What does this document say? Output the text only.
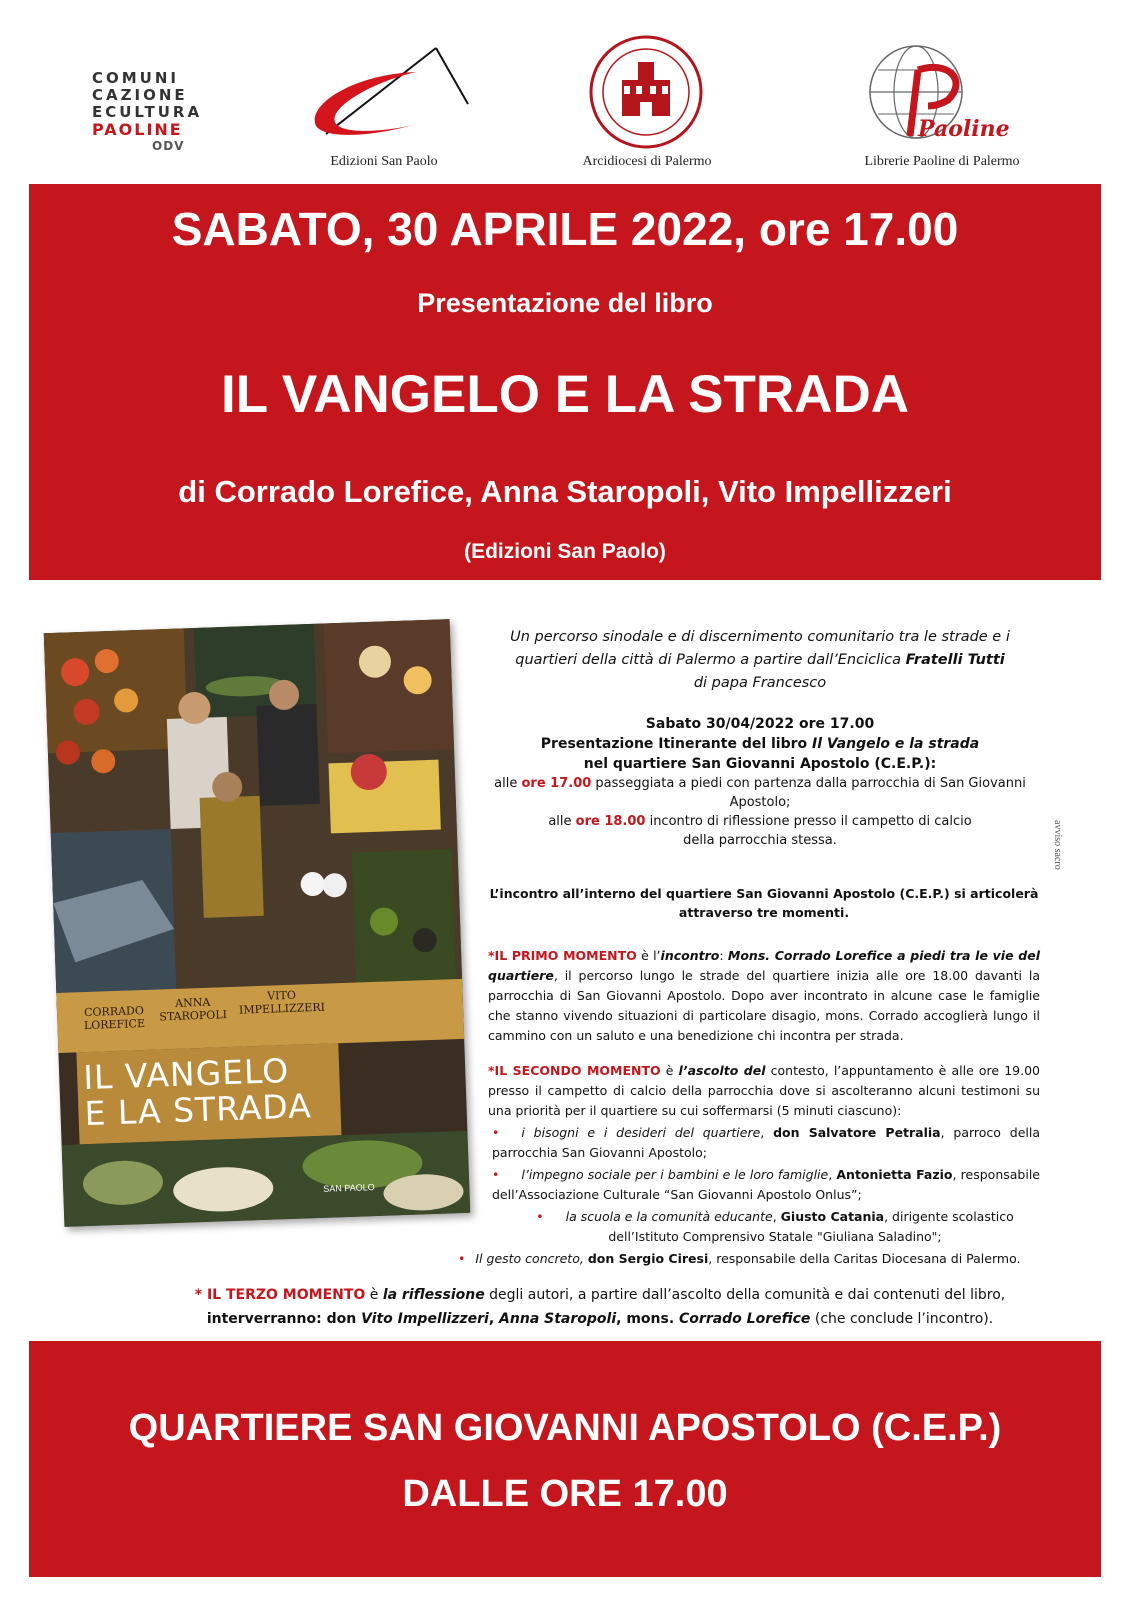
COMUNI
CAZIONE
ECULTURA
PAOLINE
ODV
Edizioni San Paolo	Arcidiocesi di Palermo
Paoline
Librerie Paoline di Palermo
SABATO, 30 APRILE 2022, ore 17.00
Presentazione del libro
IL VANGELO E LA STRADA
di Corrado Lorefice, Anna Staropoli, Vito Impellizzeri
(Edizioni San Paolo)
CORRADO
LOREFICE
ANNA
STAROPOLI
VITO
IMPELLIZZERI
IL VANGELO
E LA STRADA
SAN PAOLO
Un percorso sinodale e di discernimento comunitario tra le strade e i
quartieri della città di Palermo a partire dall’Enciclica Fratelli Tutti
di papa Francesco
Sabato 30/04/2022 ore 17.00
Presentazione Itinerante del libro Il Vangelo e la strada
nel quartiere San Giovanni Apostolo (C.E.P.):
alle ore 17.00 passeggiata a piedi con partenza dalla parrocchia di San Giovanni
Apostolo;
alle ore 18.00 incontro di riflessione presso il campetto di calcio
della parrocchia stessa.
L’incontro all’interno del quartiere San Giovanni Apostolo (C.E.P.) si articolerà
attraverso tre momenti.
*IL PRIMO MOMENTO è l’incontro: Mons. Corrado Lorefice a piedi tra le vie del quartiere, il percorso lungo le strade del quartiere inizia alle ore 18.00 davanti la parrocchia di San Giovanni Apostolo. Dopo aver incontrato in alcune case le famiglie che stanno vivendo situazioni di particolare disagio, mons. Corrado accoglierà lungo il cammino con un saluto e una benedizione chi incontra per strada.
*IL SECONDO MOMENTO è l’ascolto del contesto, l’appuntamento è alle ore 19.00 presso il campetto di calcio della parrocchia dove si ascolteranno alcuni testimoni su una priorità per il quartiere su cui soffermarsi (5 minuti ciascuno):
• i bisogni e i desideri del quartiere, don Salvatore Petralia, parroco della parrocchia San Giovanni Apostolo;
• l’impegno sociale per i bambini e le loro famiglie, Antonietta Fazio, responsabile dell’Associazione Culturale “San Giovanni Apostolo Onlus”;
• la scuola e la comunità educante, Giusto Catania, dirigente scolastico dell’Istituto Comprensivo Statale "Giuliana Saladino";
• Il gesto concreto, don Sergio Ciresi, responsabile della Caritas Diocesana di Palermo.
* IL TERZO MOMENTO è la riflessione degli autori, a partire dall’ascolto della comunità e dai contenuti del libro,
interverranno: don Vito Impellizzeri, Anna Staropoli, mons. Corrado Lorefice (che conclude l’incontro).
avviso sacro
QUARTIERE SAN GIOVANNI APOSTOLO (C.E.P.)
DALLE ORE 17.00
